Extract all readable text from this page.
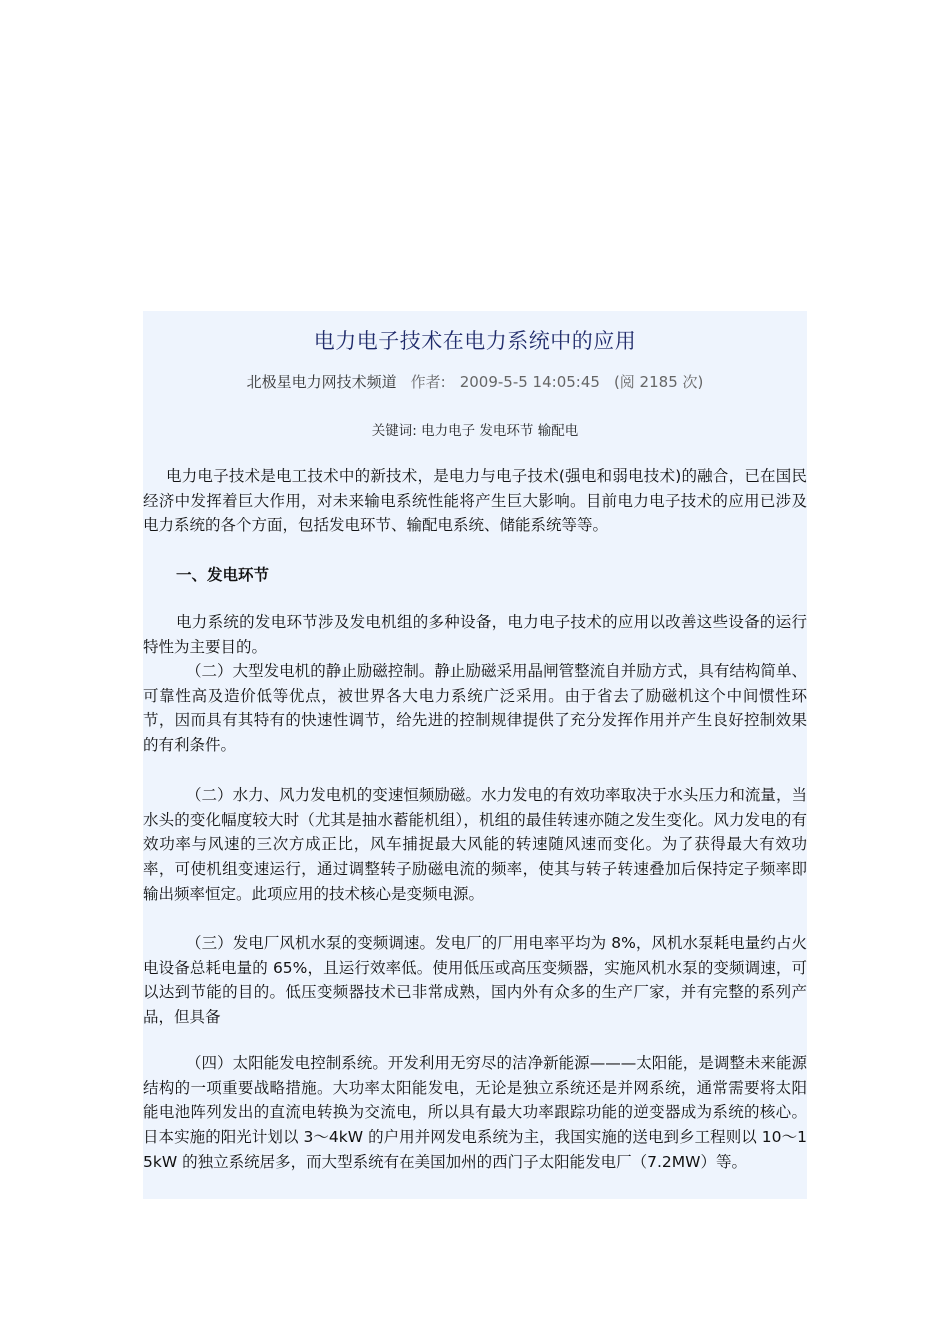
电力电子技术在电力系统中的应用
北极星电力网技术频道 作者: 2009-5-5 14:05:45 (阅 2185 次)
关键词: 电力电子 发电环节 输配电

电力电子技术是电工技术中的新技术，是电力与电子技术(强电和弱电技术)的融合，已在国民经济中发挥着巨大作用，对未来输电系统性能将产生巨大影响。目前电力电子技术的应用已涉及电力系统的各个方面，包括发电环节、输配电系统、储能系统等等。

一、发电环节

电力系统的发电环节涉及发电机组的多种设备，电力电子技术的应用以改善这些设备的运行特性为主要目的。

（二）大型发电机的静止励磁控制。静止励磁采用晶闸管整流自并励方式，具有结构简单、可靠性高及造价低等优点，被世界各大电力系统广泛采用。由于省去了励磁机这个中间惯性环节，因而具有其特有的快速性调节，给先进的控制规律提供了充分发挥作用并产生良好控制效果的有利条件。

（二）水力、风力发电机的变速恒频励磁。水力发电的有效功率取决于水头压力和流量，当水头的变化幅度较大时（尤其是抽水蓄能机组），机组的最佳转速亦随之发生变化。风力发电的有效功率与风速的三次方成正比，风车捕捉最大风能的转速随风速而变化。为了获得最大有效功率，可使机组变速运行，通过调整转子励磁电流的频率，使其与转子转速叠加后保持定子频率即输出频率恒定。此项应用的技术核心是变频电源。

（三）发电厂风机水泵的变频调速。发电厂的厂用电率平均为 8%，风机水泵耗电量约占火电设备总耗电量的 65%，且运行效率低。使用低压或高压变频器，实施风机水泵的变频调速，可以达到节能的目的。低压变频器技术已非常成熟，国内外有众多的生产厂家，并有完整的系列产品，但具备

（四）太阳能发电控制系统。开发利用无穷尽的洁净新能源———太阳能，是调整未来能源结构的一项重要战略措施。大功率太阳能发电，无论是独立系统还是并网系统，通常需要将太阳能电池阵列发出的直流电转换为交流电，所以具有最大功率跟踪功能的逆变器成为系统的核心。日本实施的阳光计划以 3～4kW 的户用并网发电系统为主，我国实施的送电到乡工程则以 10～15kW 的独立系统居多，而大型系统有在美国加州的西门子太阳能发电厂（7.2MW）等。
